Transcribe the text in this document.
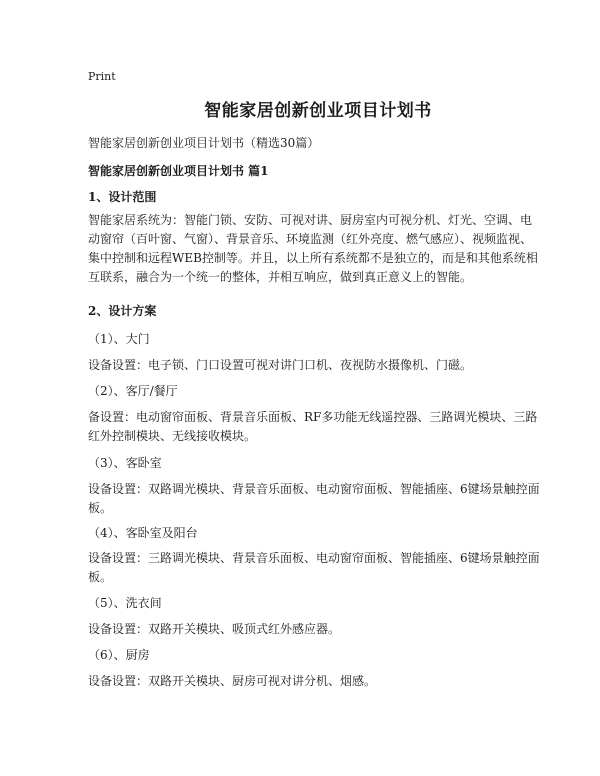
Print
智能家居创新创业项目计划书
智能家居创新创业项目计划书（精选30篇）
智能家居创新创业项目计划书 篇1
1、设计范围
智能家居系统为：智能门锁、安防、可视对讲、厨房室内可视分机、灯光、空调、电动窗帘（百叶窗、气窗）、背景音乐、环境监测（红外亮度、燃气感应）、视频监视、集中控制和远程WEB控制等。并且，以上所有系统都不是独立的，而是和其他系统相互联系，融合为一个统一的整体，并相互响应，做到真正意义上的智能。
2、设计方案
（1）、大门
设备设置：电子锁、门口设置可视对讲门口机、夜视防水摄像机、门磁。
（2）、客厅/餐厅
备设置：电动窗帘面板、背景音乐面板、RF多功能无线遥控器、三路调光模块、三路红外控制模块、无线接收模块。
（3）、客卧室
设备设置：双路调光模块、背景音乐面板、电动窗帘面板、智能插座、6键场景触控面板。
（4）、客卧室及阳台
设备设置：三路调光模块、背景音乐面板、电动窗帘面板、智能插座、6键场景触控面板。
（5）、洗衣间
设备设置：双路开关模块、吸顶式红外感应器。
（6）、厨房
设备设置：双路开关模块、厨房可视对讲分机、烟感。
